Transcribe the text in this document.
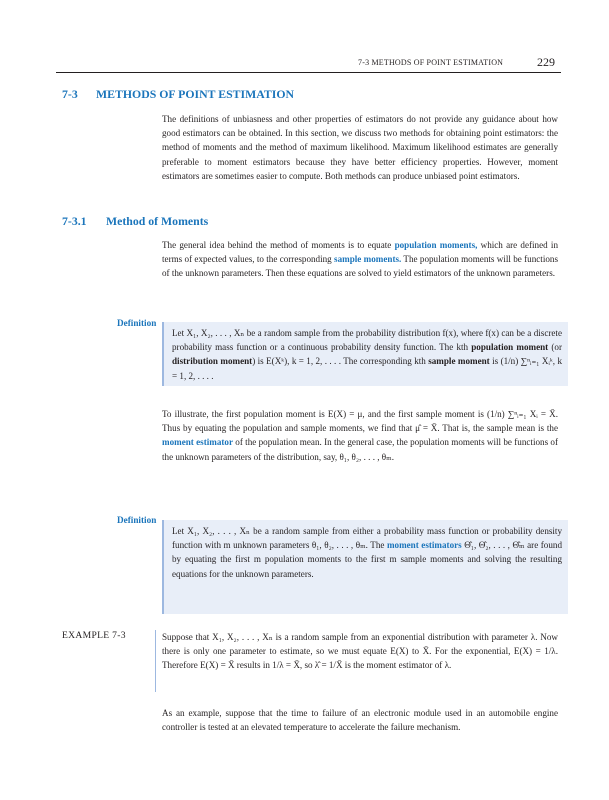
7-3 METHODS OF POINT ESTIMATION	229
7-3 METHODS OF POINT ESTIMATION
The definitions of unbiasness and other properties of estimators do not provide any guidance about how good estimators can be obtained. In this section, we discuss two methods for obtaining point estimators: the method of moments and the method of maximum likelihood. Maximum likelihood estimates are generally preferable to moment estimators because they have better efficiency properties. However, moment estimators are sometimes easier to compute. Both methods can produce unbiased point estimators.
7-3.1 Method of Moments
The general idea behind the method of moments is to equate population moments, which are defined in terms of expected values, to the corresponding sample moments. The population moments will be functions of the unknown parameters. Then these equations are solved to yield estimators of the unknown parameters.
Definition
Let X₁, X₂, . . . , Xₙ be a random sample from the probability distribution f(x), where f(x) can be a discrete probability mass function or a continuous probability density function. The kth population moment (or distribution moment) is E(Xᵏ), k = 1, 2, . . . . The corresponding kth sample moment is (1/n) ∑ⁿᵢ₌₁ Xᵢᵏ, k = 1, 2, . . . .
To illustrate, the first population moment is E(X) = μ, and the first sample moment is (1/n) ∑ⁿᵢ₌₁ Xᵢ = X̄. Thus by equating the population and sample moments, we find that μ̂ = X̄. That is, the sample mean is the moment estimator of the population mean. In the general case, the population moments will be functions of the unknown parameters of the distribution, say, θ₁, θ₂, . . . , θₘ.
Definition
Let X₁, X₂, . . . , Xₙ be a random sample from either a probability mass function or probability density function with m unknown parameters θ₁, θ₂, . . . , θₘ. The moment estimators Θ̂₁, Θ̂₂, . . . , Θ̂ₘ are found by equating the first m population moments to the first m sample moments and solving the resulting equations for the unknown parameters.
EXAMPLE 7-3	Suppose that X₁, X₂, . . . , Xₙ is a random sample from an exponential distribution with parameter λ. Now there is only one parameter to estimate, so we must equate E(X) to X̄. For the exponential, E(X) = 1/λ. Therefore E(X) = X̄ results in 1/λ = X̄, so λ̂ = 1/X̄ is the moment estimator of λ.
As an example, suppose that the time to failure of an electronic module used in an automobile engine controller is tested at an elevated temperature to accelerate the failure mechanism.
